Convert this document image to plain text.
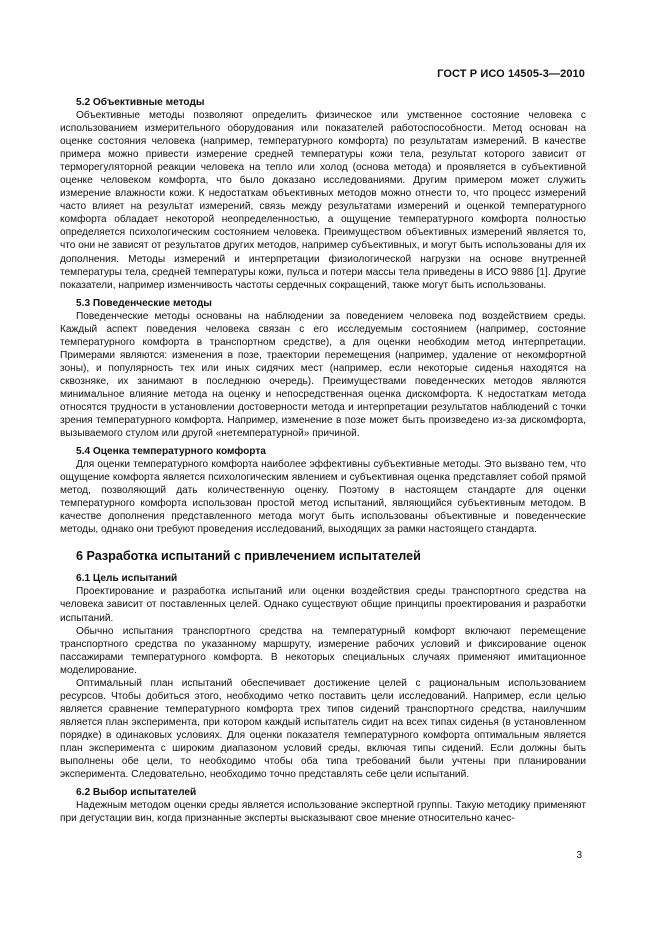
ГОСТ Р ИСО 14505-3—2010
5.2 Объективные методы

Объективные методы позволяют определить физическое или умственное состояние человека с использованием измерительного оборудования или показателей работоспособности. Метод основан на оценке состояния человека (например, температурного комфорта) по результатам измерений. В качестве примера можно привести измерение средней температуры кожи тела, результат которого зависит от терморегуляторной реакции человека на тепло или холод (основа метода) и проявляется в субъективной оценке человеком комфорта, что было доказано исследованиями. Другим примером может служить измерение влажности кожи. К недостаткам объективных методов можно отнести то, что процесс измерений часто влияет на результат измерений, связь между результатами измерений и оценкой температурного комфорта обладает некоторой неопределенностью, а ощущение температурного комфорта полностью определяется психологическим состоянием человека. Преимуществом объективных измерений является то, что они не зависят от результатов других методов, например субъективных, и могут быть использованы для их дополнения. Методы измерений и интерпретации физиологической нагрузки на основе внутренней температуры тела, средней температуры кожи, пульса и потери массы тела приведены в ИСО 9886 [1]. Другие показатели, например изменчивость частоты сердечных сокращений, также могут быть использованы.

5.3 Поведенческие методы

Поведенческие методы основаны на наблюдении за поведением человека под воздействием среды. Каждый аспект поведения человека связан с его исследуемым состоянием (например, состояние температурного комфорта в транспортном средстве), а для оценки необходим метод интерпретации. Примерами являются: изменения в позе, траектории перемещения (например, удаление от некомфортной зоны), и популярность тех или иных сидячих мест (например, если некоторые сиденья находятся на сквозняке, их занимают в последнюю очередь). Преимуществами поведенческих методов являются минимальное влияние метода на оценку и непосредственная оценка дискомфорта. К недостаткам метода относятся трудности в установлении достоверности метода и интерпретации результатов наблюдений с точки зрения температурного комфорта. Например, изменение в позе может быть произведено из-за дискомфорта, вызываемого стулом или другой «нетемпературной» причиной.

5.4 Оценка температурного комфорта

Для оценки температурного комфорта наиболее эффективны субъективные методы. Это вызвано тем, что ощущение комфорта является психологическим явлением и субъективная оценка представляет собой прямой метод, позволяющий дать количественную оценку. Поэтому в настоящем стандарте для оценки температурного комфорта использован простой метод испытаний, являющийся субъективным методом. В качестве дополнения представленного метода могут быть использованы объективные и поведенческие методы, однако они требуют проведения исследований, выходящих за рамки настоящего стандарта.

6 Разработка испытаний с привлечением испытателей
6.1 Цель испытаний

Проектирование и разработка испытаний или оценки воздействия среды транспортного средства на человека зависит от поставленных целей. Однако существуют общие принципы проектирования и разработки испытаний.

Обычно испытания транспортного средства на температурный комфорт включают перемещение транспортного средства по указанному маршруту, измерение рабочих условий и фиксирование оценок пассажирами температурного комфорта. В некоторых специальных случаях применяют имитационное моделирование.

Оптимальный план испытаний обеспечивает достижение целей с рациональным использованием ресурсов. Чтобы добиться этого, необходимо четко поставить цели исследований. Например, если целью является сравнение температурного комфорта трех типов сидений транспортного средства, наилучшим является план эксперимента, при котором каждый испытатель сидит на всех типах сиденья (в установленном порядке) в одинаковых условиях. Для оценки показателя температурного комфорта оптимальным является план эксперимента с широким диапазоном условий среды, включая типы сидений. Если должны быть выполнены обе цели, то необходимо чтобы оба типа требований были учтены при планировании эксперимента. Следовательно, необходимо точно представлять себе цели испытаний.

6.2 Выбор испытателей

Надежным методом оценки среды является использование экспертной группы. Такую методику применяют при дегустации вин, когда признанные эксперты высказывают свое мнение относительно качес-

3
